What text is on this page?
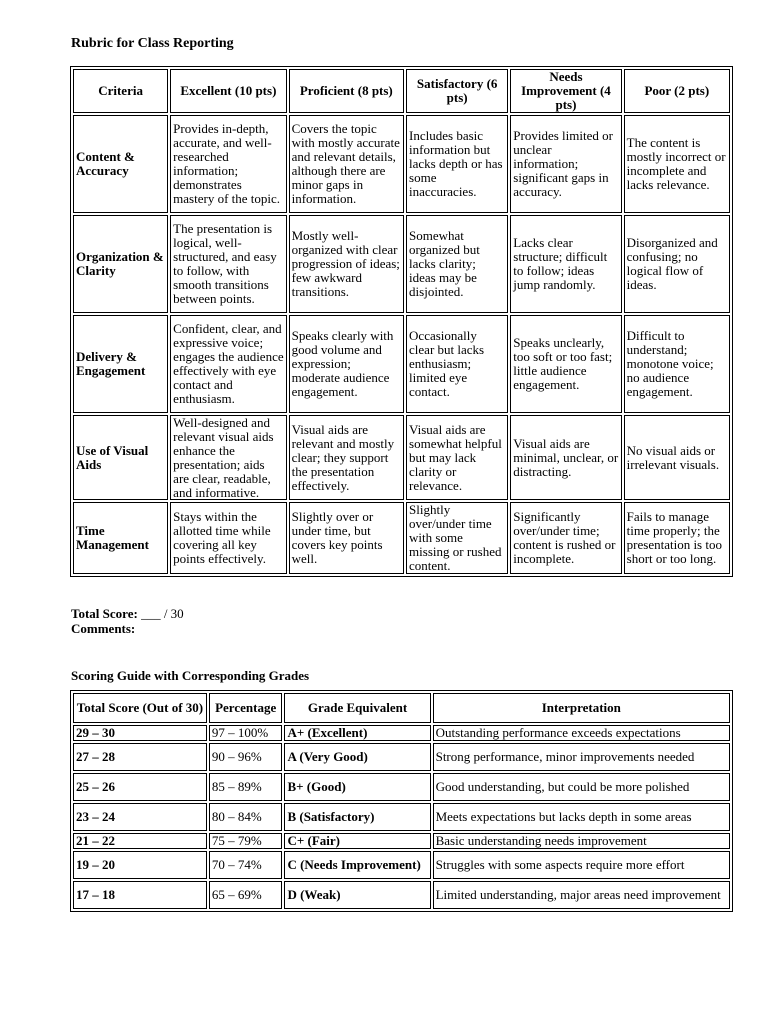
Rubric for Class Reporting
Criteria	Excellent (10 pts)	Proficient (8 pts)	Satisfactory (6 pts)	Needs Improvement (4 pts)	Poor (2 pts)
Content & Accuracy	Provides in-depth, accurate, and well-researched information; demonstrates mastery of the topic.	Covers the topic with mostly accurate and relevant details, although there are minor gaps in information.	Includes basic information but lacks depth or has some inaccuracies.	Provides limited or unclear information; significant gaps in accuracy.	The content is mostly incorrect or incomplete and lacks relevance.
Organization & Clarity	The presentation is logical, well-structured, and easy to follow, with smooth transitions between points.	Mostly well-organized with clear progression of ideas; few awkward transitions.	Somewhat organized but lacks clarity; ideas may be disjointed.	Lacks clear structure; difficult to follow; ideas jump randomly.	Disorganized and confusing; no logical flow of ideas.
Delivery & Engagement	Confident, clear, and expressive voice; engages the audience effectively with eye contact and enthusiasm.	Speaks clearly with good volume and expression; moderate audience engagement.	Occasionally clear but lacks enthusiasm; limited eye contact.	Speaks unclearly, too soft or too fast; little audience engagement.	Difficult to understand; monotone voice; no audience engagement.
Use of Visual Aids	Well-designed and relevant visual aids enhance the presentation; aids are clear, readable, and informative.	Visual aids are relevant and mostly clear; they support the presentation effectively.	Visual aids are somewhat helpful but may lack clarity or relevance.	Visual aids are minimal, unclear, or distracting.	No visual aids or irrelevant visuals.
Time Management	Stays within the allotted time while covering all key points effectively.	Slightly over or under time, but covers key points well.	Slightly over/under time with some missing or rushed content.	Significantly over/under time; content is rushed or incomplete.	Fails to manage time properly; the presentation is too short or too long.
Total Score: ___ / 30
Comments:
Scoring Guide with Corresponding Grades
Total Score (Out of 30)	Percentage	Grade Equivalent	Interpretation
29 – 30	97 – 100%	A+ (Excellent)	Outstanding performance exceeds expectations
27 – 28	90 – 96%	A (Very Good)	Strong performance, minor improvements needed
25 – 26	85 – 89%	B+ (Good)	Good understanding, but could be more polished
23 – 24	80 – 84%	B (Satisfactory)	Meets expectations but lacks depth in some areas
21 – 22	75 – 79%	C+ (Fair)	Basic understanding needs improvement
19 – 20	70 – 74%	C (Needs Improvement)	Struggles with some aspects require more effort
17 – 18	65 – 69%	D (Weak)	Limited understanding, major areas need improvement
